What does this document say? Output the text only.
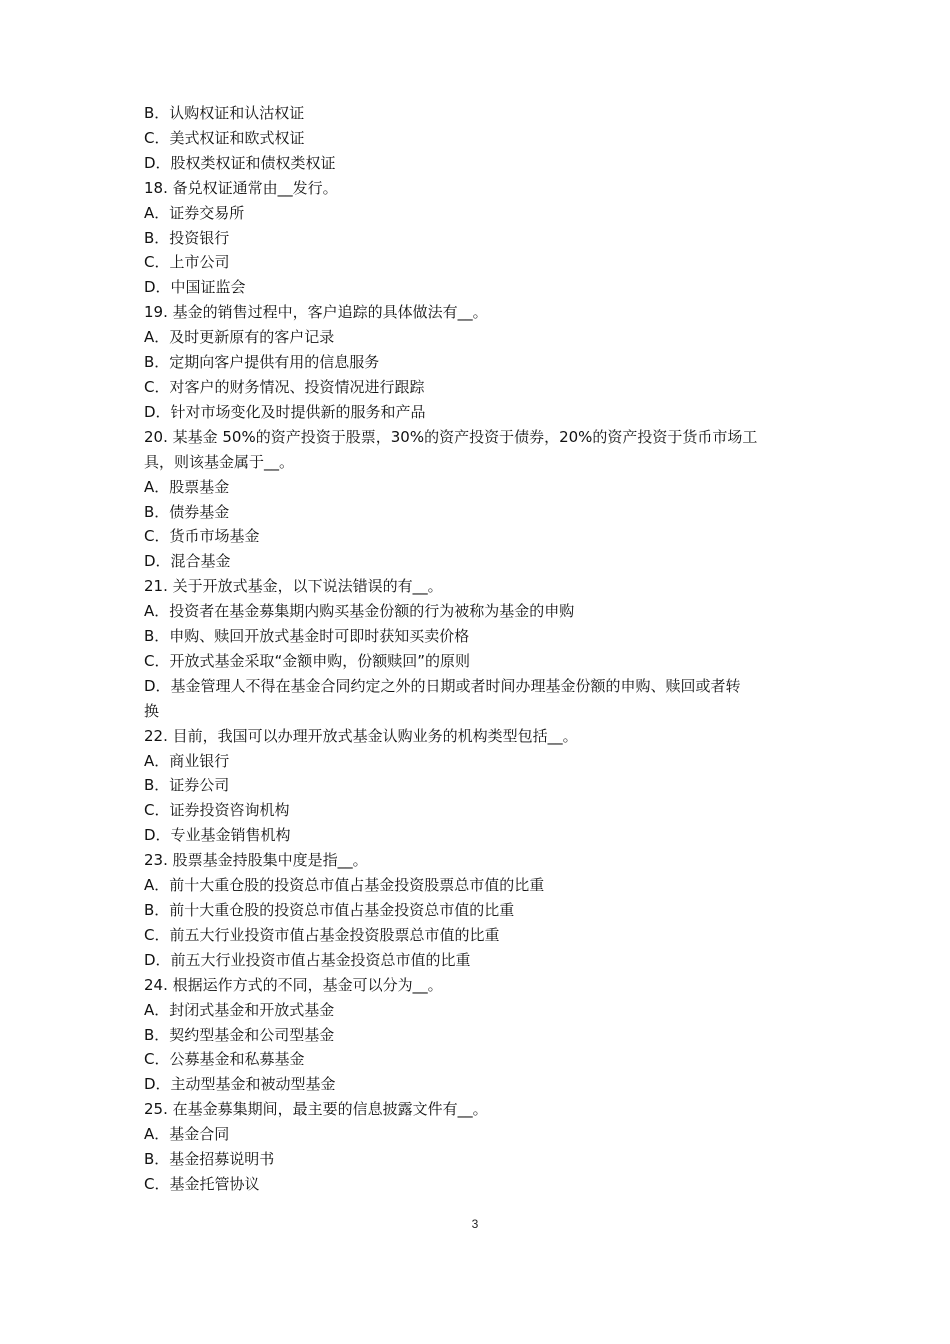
B．认购权证和认沽权证
C．美式权证和欧式权证
D．股权类权证和债权类权证
18. 备兑权证通常由__发行。
A．证券交易所
B．投资银行
C．上市公司
D．中国证监会
19. 基金的销售过程中，客户追踪的具体做法有__。
A．及时更新原有的客户记录
B．定期向客户提供有用的信息服务
C．对客户的财务情况、投资情况进行跟踪
D．针对市场变化及时提供新的服务和产品
20. 某基金 50%的资产投资于股票，30%的资产投资于债券，20%的资产投资于货币市场工
具，则该基金属于__。
A．股票基金
B．债券基金
C．货币市场基金
D．混合基金
21. 关于开放式基金，以下说法错误的有__。
A．投资者在基金募集期内购买基金份额的行为被称为基金的申购
B．申购、赎回开放式基金时可即时获知买卖价格
C．开放式基金采取“金额申购，份额赎回”的原则
D．基金管理人不得在基金合同约定之外的日期或者时间办理基金份额的申购、赎回或者转
换
22. 目前，我国可以办理开放式基金认购业务的机构类型包括__。
A．商业银行
B．证券公司
C．证券投资咨询机构
D．专业基金销售机构
23. 股票基金持股集中度是指__。
A．前十大重仓股的投资总市值占基金投资股票总市值的比重
B．前十大重仓股的投资总市值占基金投资总市值的比重
C．前五大行业投资市值占基金投资股票总市值的比重
D．前五大行业投资市值占基金投资总市值的比重
24. 根据运作方式的不同，基金可以分为__。
A．封闭式基金和开放式基金
B．契约型基金和公司型基金
C．公募基金和私募基金
D．主动型基金和被动型基金
25. 在基金募集期间，最主要的信息披露文件有__。
A．基金合同
B．基金招募说明书
C．基金托管协议
3
